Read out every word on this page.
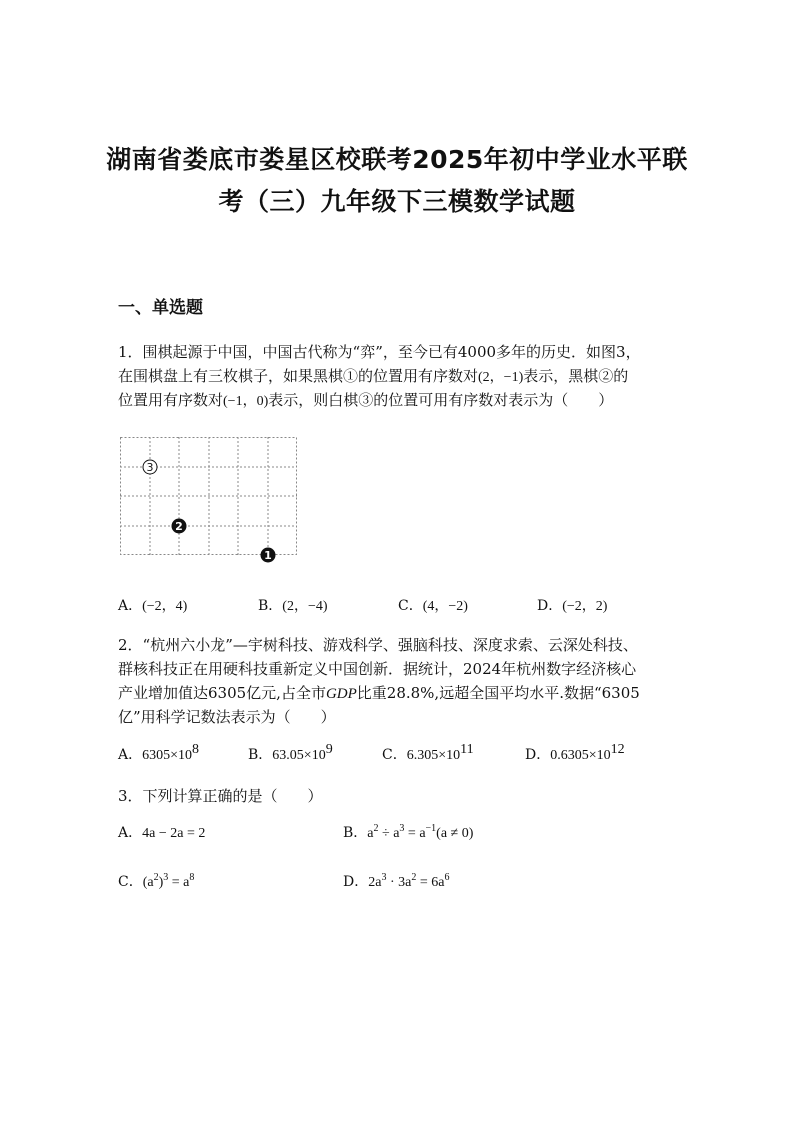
湖南省娄底市娄星区校联考2025年初中学业水平联
考（三）九年级下三模数学试题
一、单选题
1．围棋起源于中国，中国古代称为“弈”，至今已有4000多年的历史．如图3，
在围棋盘上有三枚棋子，如果黑棋①的位置用有序数对(2，−1)表示，黑棋②的
位置用有序数对(−1，0)表示，则白棋③的位置可用有序数对表示为（　　）
3
2
1
A．(−2，4)	B．(2，−4)	C．(4，−2)	D．(−2，2)
2．“杭州六小龙”—宇树科技、游戏科学、强脑科技、深度求索、云深处科技、
群核科技正在用硬科技重新定义中国创新．据统计，2024年杭州数字经济核心
产业增加值达6305亿元,占全市GDP比重28.8%,远超全国平均水平.数据“6305
亿”用科学记数法表示为（　　）
A．$6305\times 10^8$	B．$63.05\times 10^9$	C．$6.305\times 10^{11}$	D．$0.6305\times 10^{12}$
3．下列计算正确的是（　　）
A．4a − 2a = 2	B．$a^2 \div a^3 = a^{-1}(a \ne 0)$
C．$(a^2)^3 = a^8$	D．$2a^3 \cdot 3a^2 = 6a^6$
